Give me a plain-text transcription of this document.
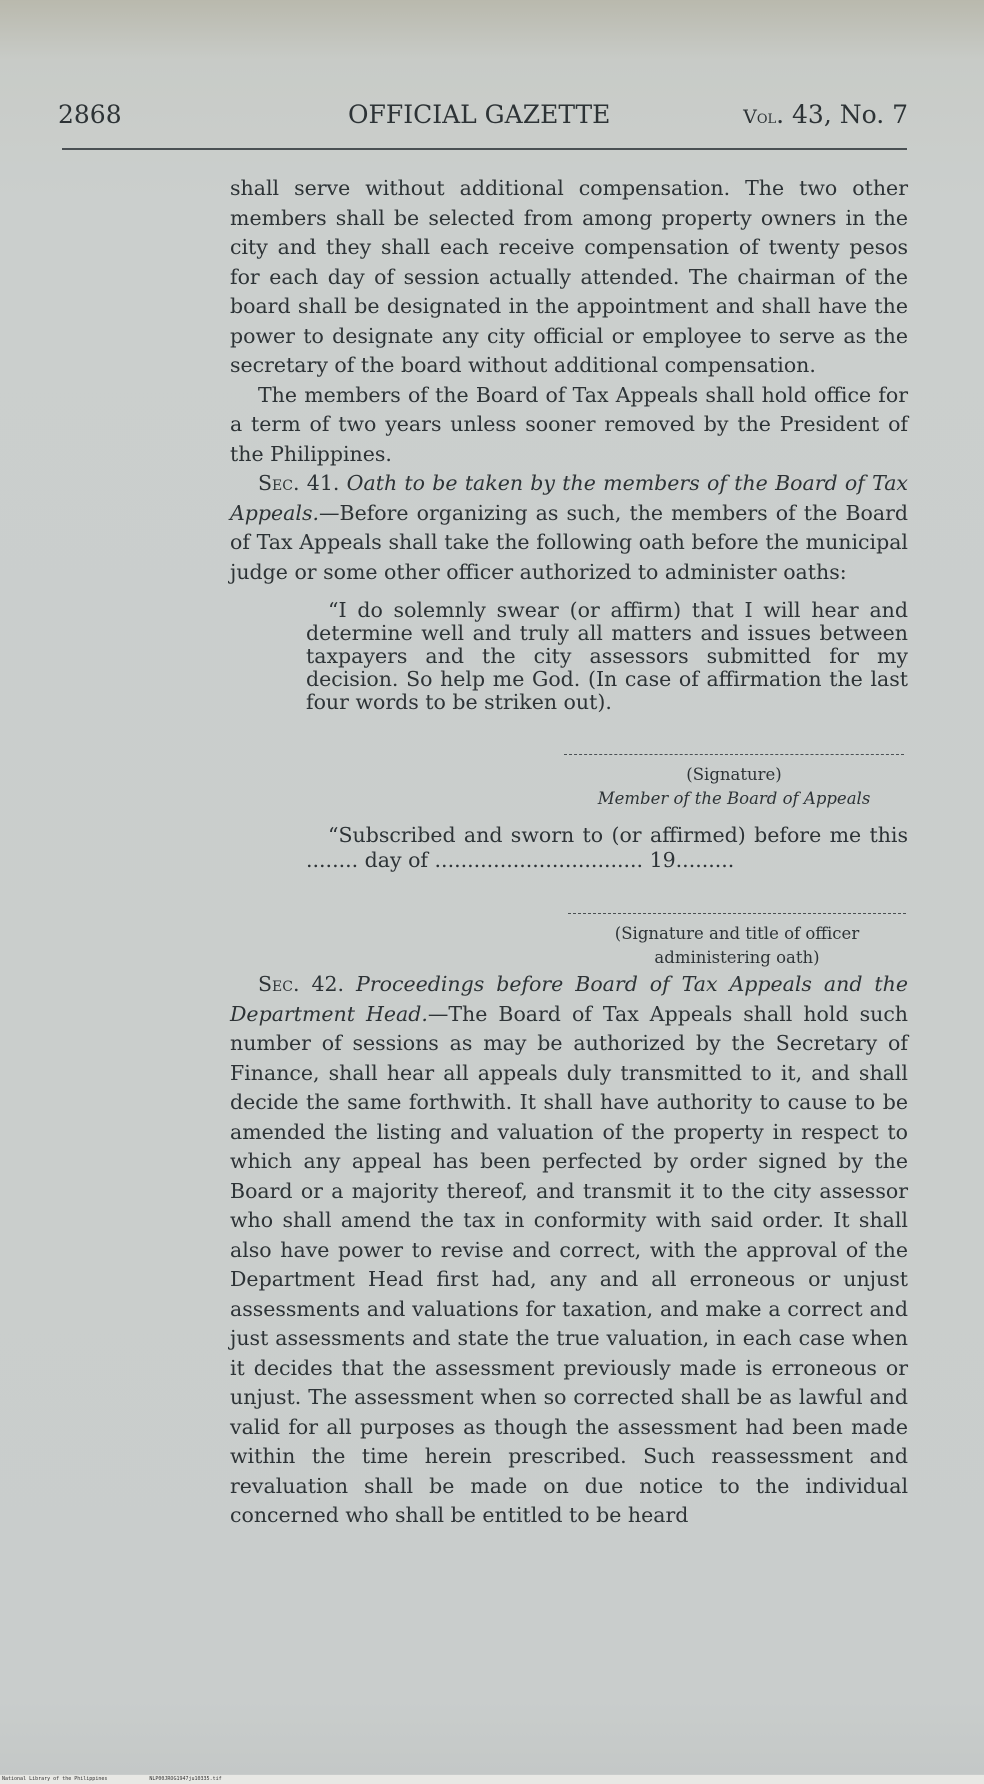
2868	OFFICIAL GAZETTE	Vol. 43, No. 7

shall serve without additional compensation. The two other members shall be selected from among property owners in the city and they shall each receive compensation of twenty pesos for each day of session actually attended. The chairman of the board shall be designated in the appointment and shall have the power to designate any city official or employee to serve as the secretary of the board without additional compensation.

The members of the Board of Tax Appeals shall hold office for a term of two years unless sooner removed by the President of the Philippines.

Sec. 41. Oath to be taken by the members of the Board of Tax Appeals.—Before organizing as such, the members of the Board of Tax Appeals shall take the following oath before the municipal judge or some other officer authorized to administer oaths:

“I do solemnly swear (or affirm) that I will hear and determine well and truly all matters and issues between taxpayers and the city assessors submitted for my decision. So help me God. (In case of affirmation the last four words to be striken out).
(Signature)
Member of the Board of Appeals
“Subscribed and sworn to (or affirmed) before me this ........ day of ................................ 19.........
(Signature and title of officer
administering oath)

Sec. 42. Proceedings before Board of Tax Appeals and the Department Head.—The Board of Tax Appeals shall hold such number of sessions as may be authorized by the Secretary of Finance, shall hear all appeals duly transmitted to it, and shall decide the same forthwith. It shall have authority to cause to be amended the listing and valuation of the property in respect to which any appeal has been perfected by order signed by the Board or a majority thereof, and transmit it to the city assessor who shall amend the tax in conformity with said order. It shall also have power to revise and correct, with the approval of the Department Head first had, any and all erroneous or unjust assessments and valuations for taxation, and make a correct and just assessments and state the true valuation, in each case when it decides that the assessment previously made is erroneous or unjust. The assessment when so corrected shall be as lawful and valid for all purposes as though the assessment had been made within the time herein prescribed. Such reassessment and revaluation shall be made on due notice to the individual concerned who shall be entitled to be heard

National Library of the Philippines	NLP00JROG1947ju10335.tif
